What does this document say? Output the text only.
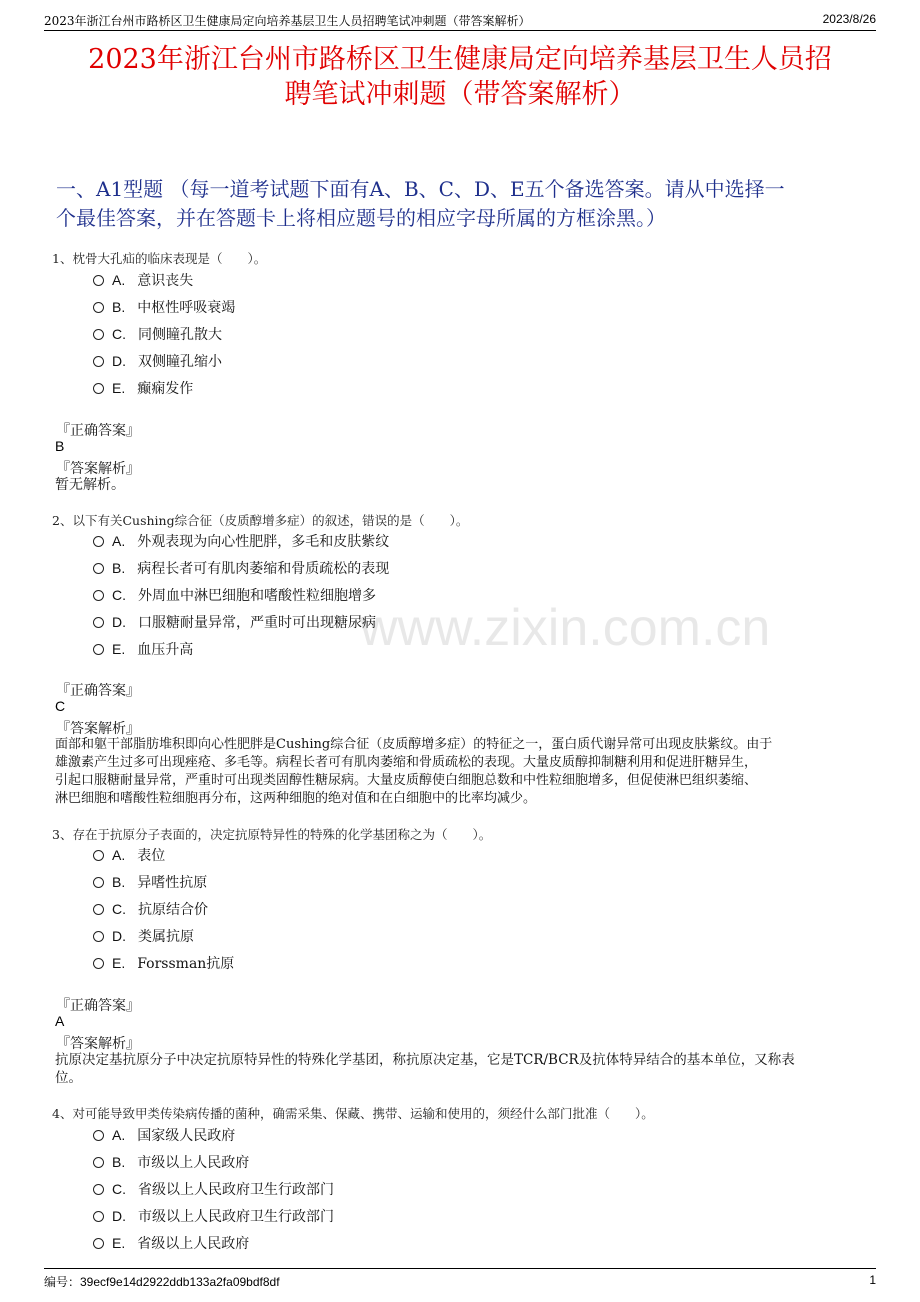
2023年浙江台州市路桥区卫生健康局定向培养基层卫生人员招聘笔试冲刺题（带答案解析）	2023/8/26
2023年浙江台州市路桥区卫生健康局定向培养基层卫生人员招
聘笔试冲刺题（带答案解析）
一、A1型题 （每一道考试题下面有A、B、C、D、E五个备选答案。请从中选择一
个最佳答案，并在答题卡上将相应题号的相应字母所属的方框涂黑。）
www.zixin.com.cn
1、枕骨大孔疝的临床表现是（　　）。
A. 意识丧失
B. 中枢性呼吸衰竭
C. 同侧瞳孔散大
D. 双侧瞳孔缩小
E. 癫痫发作
『正确答案』
B
『答案解析』
暂无解析。
2、以下有关Cushing综合征（皮质醇增多症）的叙述，错误的是（　　）。
A. 外观表现为向心性肥胖，多毛和皮肤紫纹
B. 病程长者可有肌肉萎缩和骨质疏松的表现
C. 外周血中淋巴细胞和嗜酸性粒细胞增多
D. 口服糖耐量异常，严重时可出现糖尿病
E. 血压升高
『正确答案』
C
『答案解析』
面部和躯干部脂肪堆积即向心性肥胖是Cushing综合征（皮质醇增多症）的特征之一，蛋白质代谢异常可出现皮肤紫纹。由于
雄激素产生过多可出现痤疮、多毛等。病程长者可有肌肉萎缩和骨质疏松的表现。大量皮质醇抑制糖利用和促进肝糖异生，
引起口服糖耐量异常，严重时可出现类固醇性糖尿病。大量皮质醇使白细胞总数和中性粒细胞增多，但促使淋巴组织萎缩、
淋巴细胞和嗜酸性粒细胞再分布，这两种细胞的绝对值和在白细胞中的比率均减少。
3、存在于抗原分子表面的，决定抗原特异性的特殊的化学基团称之为（　　）。
A. 表位
B. 异嗜性抗原
C. 抗原结合价
D. 类属抗原
E. Forssman抗原
『正确答案』
A
『答案解析』
抗原决定基抗原分子中决定抗原特异性的特殊化学基团，称抗原决定基，它是TCR/BCR及抗体特异结合的基本单位，又称表
位。
4、对可能导致甲类传染病传播的菌种，确需采集、保藏、携带、运输和使用的，须经什么部门批准（　　）。
A. 国家级人民政府
B. 市级以上人民政府
C. 省级以上人民政府卫生行政部门
D. 市级以上人民政府卫生行政部门
E. 省级以上人民政府
编号：39ecf9e14d2922ddb133a2fa09bdf8df	1
